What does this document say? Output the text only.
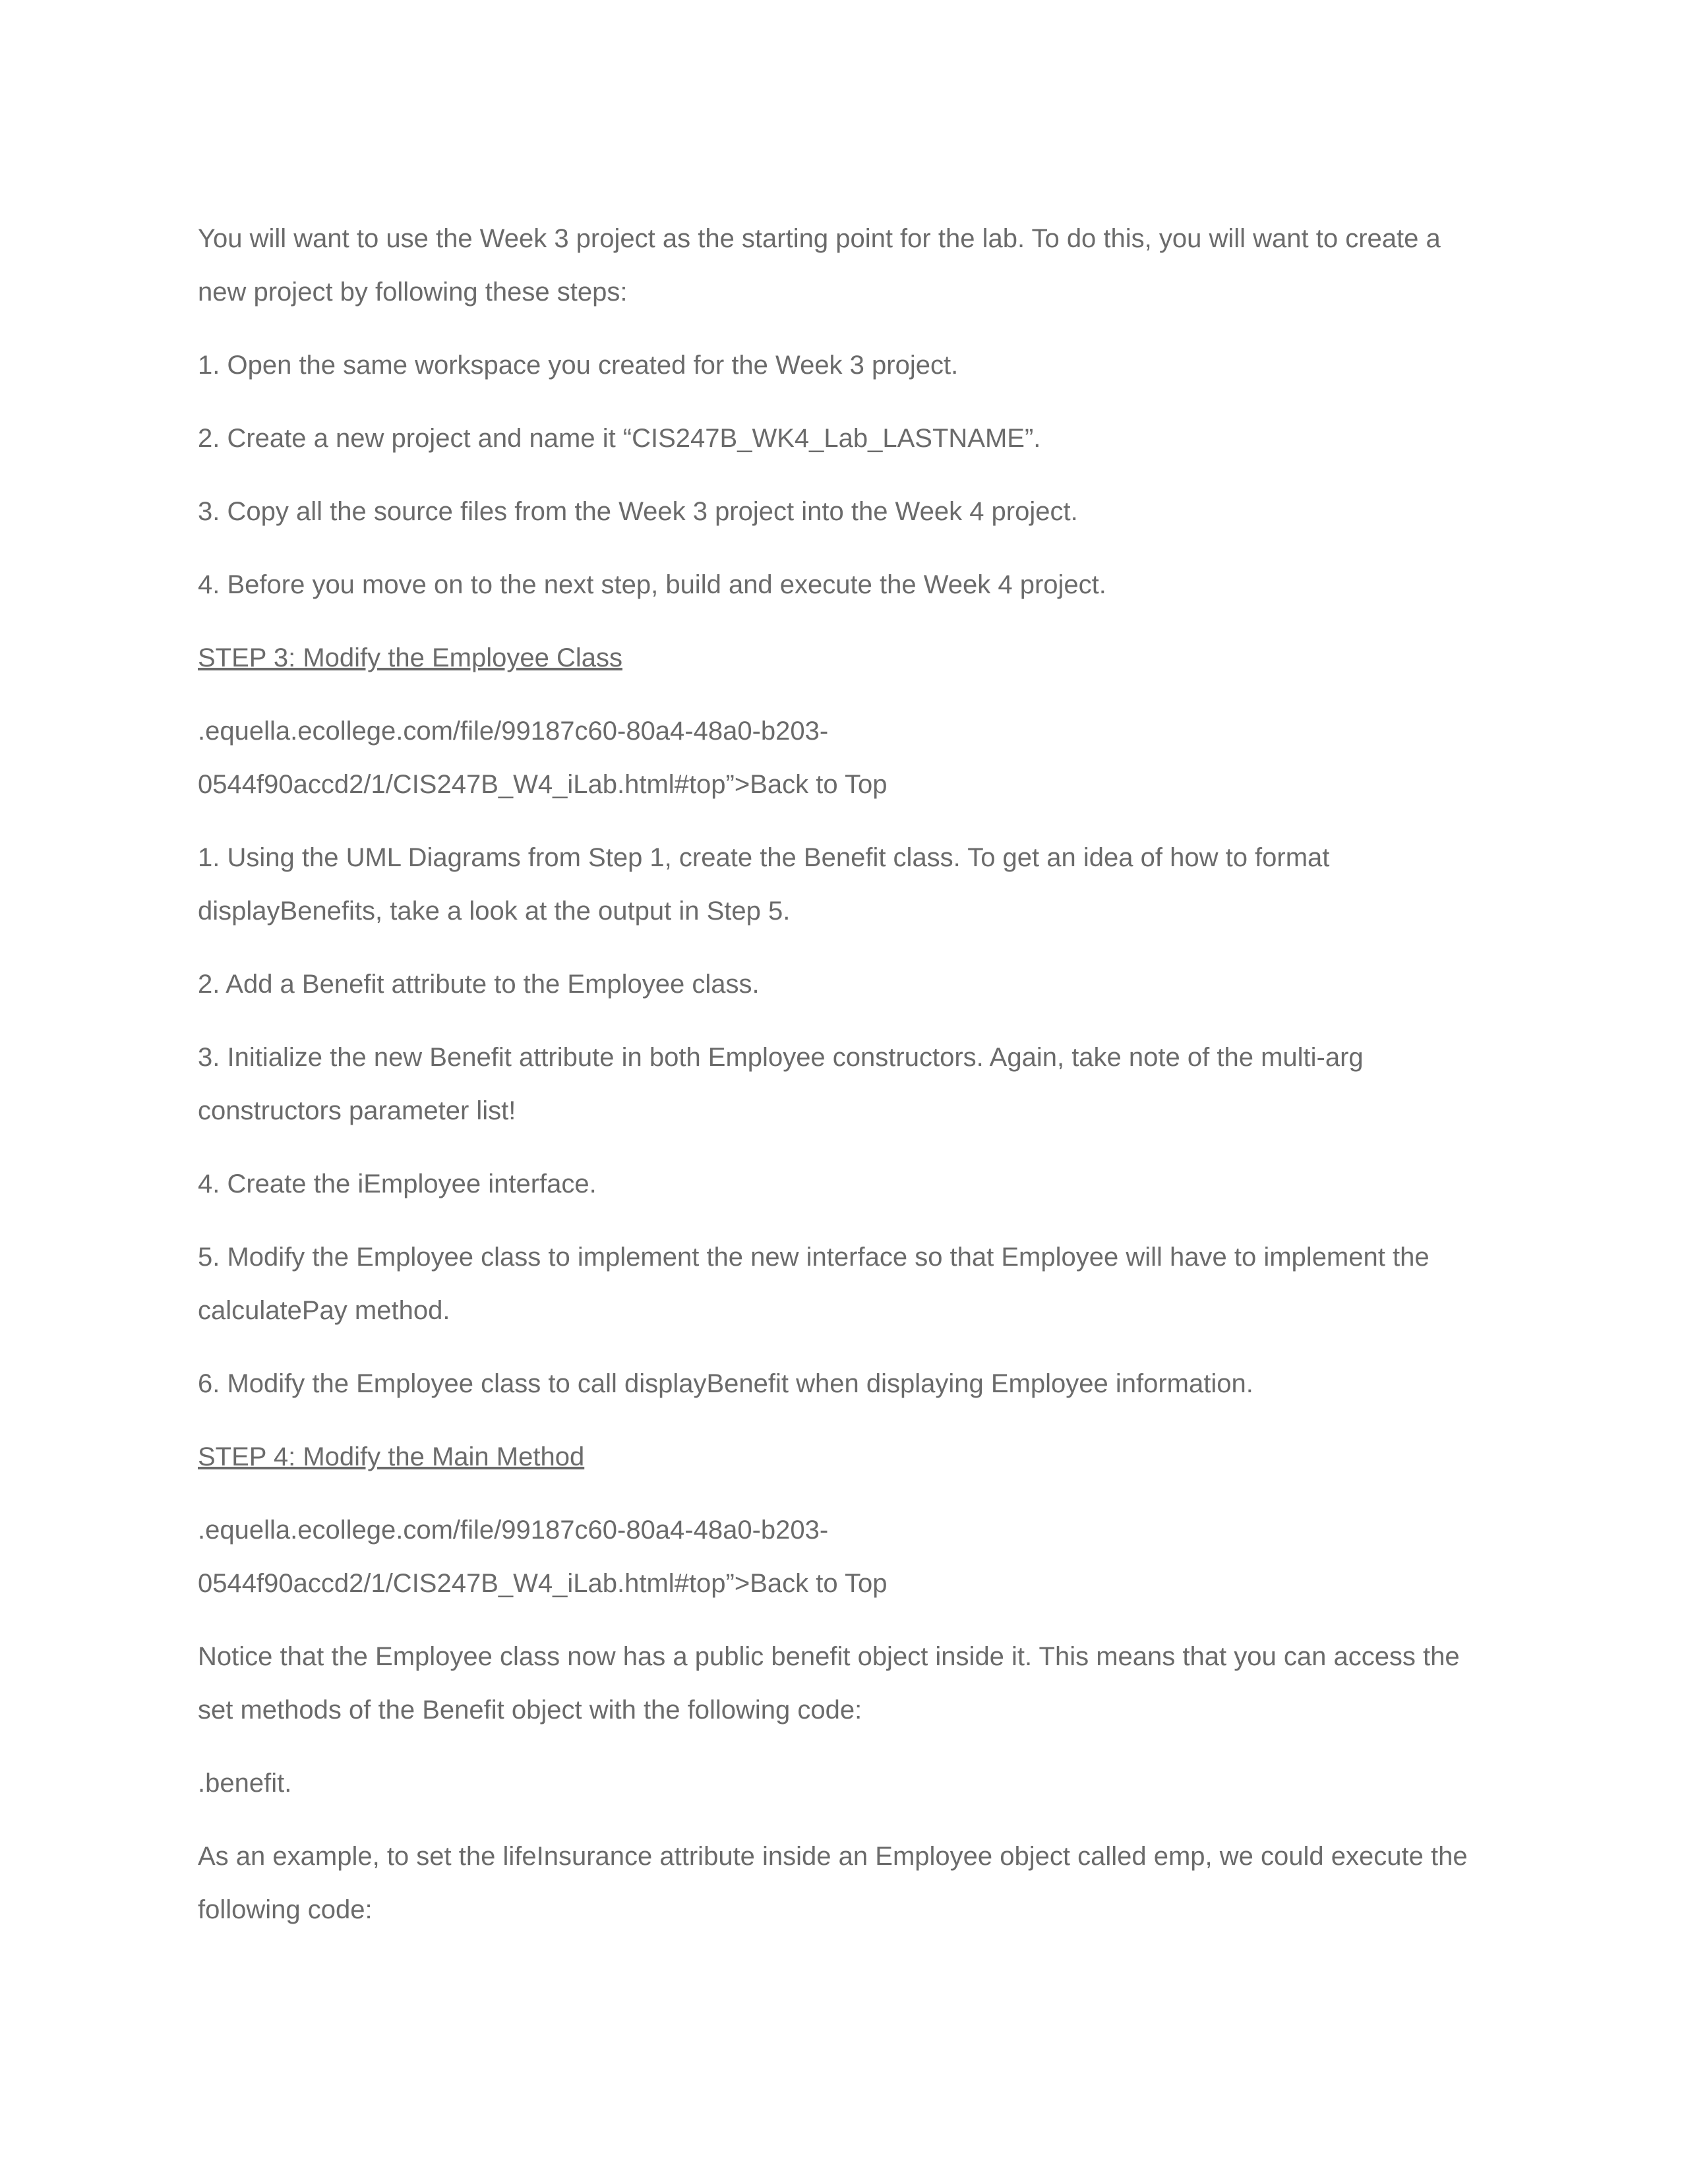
You will want to use the Week 3 project as the starting point for the lab. To do this, you will want to create a new project by following these steps:

1. Open the same workspace you created for the Week 3 project.

2. Create a new project and name it “CIS247B_WK4_Lab_LASTNAME”.

3. Copy all the source files from the Week 3 project into the Week 4 project.

4. Before you move on to the next step, build and execute the Week 4 project.

STEP 3: Modify the Employee Class

.equella.ecollege.com/file/99187c60-80a4-48a0-b203-
0544f90accd2/1/CIS247B_W4_iLab.html#top”>Back to Top

1. Using the UML Diagrams from Step 1, create the Benefit class. To get an idea of how to format displayBenefits, take a look at the output in Step 5.

2. Add a Benefit attribute to the Employee class.

3. Initialize the new Benefit attribute in both Employee constructors. Again, take note of the multi-arg constructors parameter list!

4. Create the iEmployee interface.

5. Modify the Employee class to implement the new interface so that Employee will have to implement the calculatePay method.

6. Modify the Employee class to call displayBenefit when displaying Employee information.

STEP 4: Modify the Main Method

.equella.ecollege.com/file/99187c60-80a4-48a0-b203-
0544f90accd2/1/CIS247B_W4_iLab.html#top”>Back to Top

Notice that the Employee class now has a public benefit object inside it. This means that you can access the set methods of the Benefit object with the following code:

.benefit.

As an example, to set the lifeInsurance attribute inside an Employee object called emp, we could execute the following code:
